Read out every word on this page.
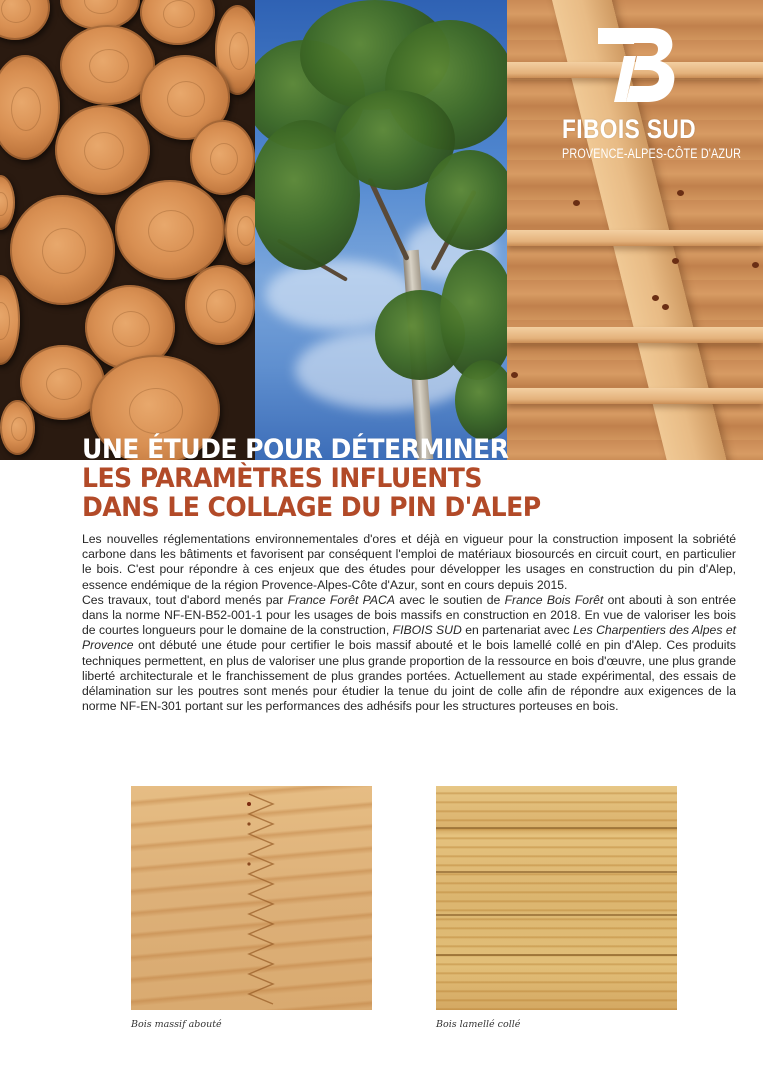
FIBOIS SUD
PROVENCE-ALPES-CÔTE D'AZUR
UNE ÉTUDE POUR DÉTERMINER
LES PARAMÈTRES INFLUENTS
DANS LE COLLAGE DU PIN D'ALEP

Les nouvelles réglementations environnementales d'ores et déjà en vigueur pour la construction imposent la sobriété carbone dans les bâtiments et favorisent par conséquent l'emploi de matériaux biosourcés en circuit court, en particulier le bois. C'est pour répondre à ces enjeux que des études pour développer les usages en construction du pin d'Alep, essence endémique de la région Provence-Alpes-Côte d'Azur, sont en cours depuis 2015.

Ces travaux, tout d'abord menés par France Forêt PACA avec le soutien de France Bois Forêt ont abouti à son entrée dans la norme NF-EN-B52-001-1 pour les usages de bois massifs en construction en 2018. En vue de valoriser les bois de courtes longueurs pour le domaine de la construction, FIBOIS SUD en partenariat avec Les Charpentiers des Alpes et Provence ont débuté une étude pour certifier le bois massif abouté et le bois lamellé collé en pin d'Alep. Ces produits techniques permettent, en plus de valoriser une plus grande proportion de la ressource en bois d'œuvre, une plus grande liberté architecturale et le franchissement de plus grandes portées. Actuellement au stade expérimental, des essais de délamination sur les poutres sont menés pour étudier la tenue du joint de colle afin de répondre aux exigences de la norme NF-EN-301 portant sur les performances des adhésifs pour les structures porteuses en bois.

Bois massif abouté	Bois lamellé collé
